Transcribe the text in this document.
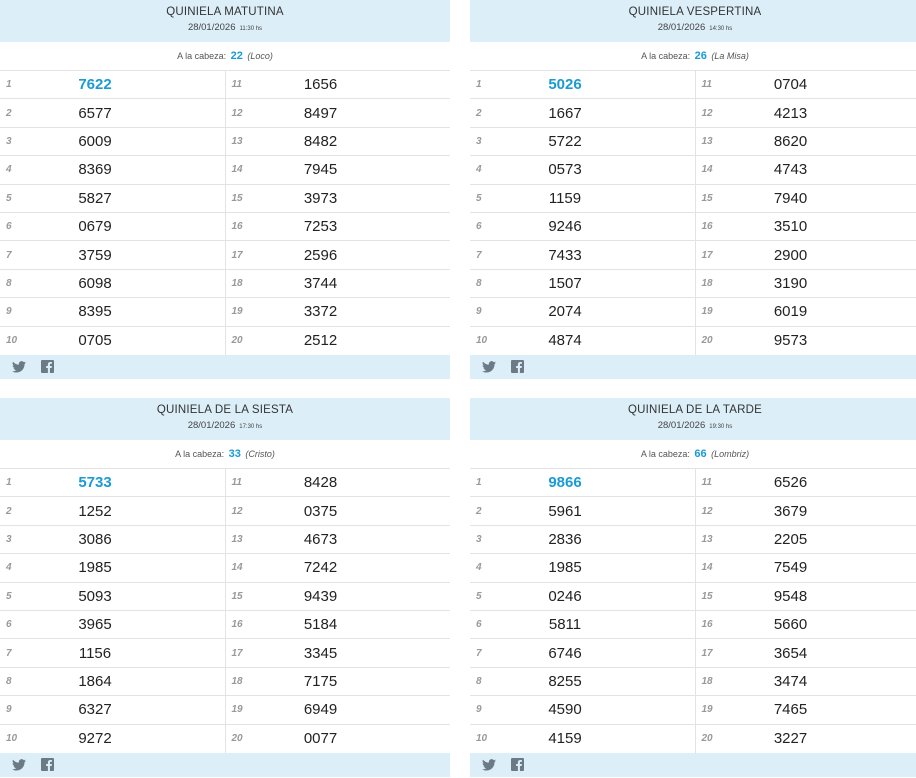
QUINIELA MATUTINA
28/01/2026 11:30 hs
A la cabeza: 22 (Loco)
1	7622
2	6577
3	6009
4	8369
5	5827
6	0679
7	3759
8	6098
9	8395
10	0705
11	1656
12	8497
13	8482
14	7945
15	3973
16	7253
17	2596
18	3744
19	3372
20	2512
QUINIELA VESPERTINA
28/01/2026 14:30 hs
A la cabeza: 26 (La Misa)
1	5026
2	1667
3	5722
4	0573
5	1159
6	9246
7	7433
8	1507
9	2074
10	4874
11	0704
12	4213
13	8620
14	4743
15	7940
16	3510
17	2900
18	3190
19	6019
20	9573
QUINIELA DE LA SIESTA
28/01/2026 17:30 hs
A la cabeza: 33 (Cristo)
1	5733
2	1252
3	3086
4	1985
5	5093
6	3965
7	1156
8	1864
9	6327
10	9272
11	8428
12	0375
13	4673
14	7242
15	9439
16	5184
17	3345
18	7175
19	6949
20	0077
QUINIELA DE LA TARDE
28/01/2026 19:30 hs
A la cabeza: 66 (Lombriz)
1	9866
2	5961
3	2836
4	1985
5	0246
6	5811
7	6746
8	8255
9	4590
10	4159
11	6526
12	3679
13	2205
14	7549
15	9548
16	5660
17	3654
18	3474
19	7465
20	3227
